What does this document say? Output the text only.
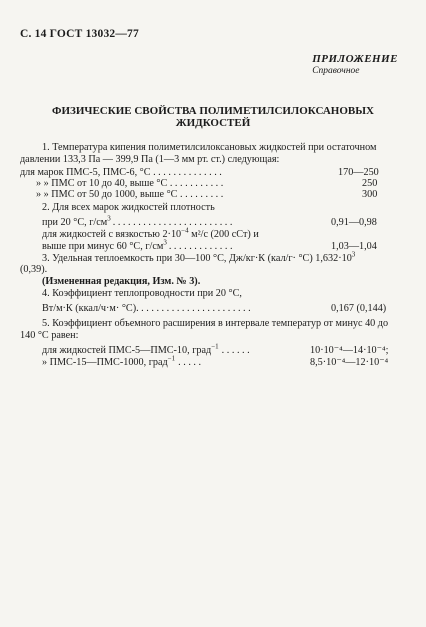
С. 14 ГОСТ 13032—77
ПРИЛОЖЕНИЕ
Справочное
ФИЗИЧЕСКИЕ СВОЙСТВА ПОЛИМЕТИЛСИЛОКСАНОВЫХ
ЖИДКОСТЕЙ
1. Температура кипения полиметилсилоксановых жидкостей при остаточном давлении 133,3 Па — 399,9 Па (1—3 мм рт. ст.) следующая:
для марок ПМС-5, ПМС-6, °С . . . . . . . . . . . . . .	170—250
» » ПМС от 10 до 40, выше °С . . . . . . . . . . .	250
» » ПМС от 50 до 1000, выше °С . . . . . . . . .	300
2. Для всех марок жидкостей плотность
при 20 °С, $г/см^3$ . . . . . . . . . . . . . . . . . . . . . . . .	0,91—0,98
для жидкостей с вязкостью $2\cdot 10^{-4}$ м²/с (200 сСт) и
выше при минус 60 °С, $г/см^3$ . . . . . . . . . . . . .	1,03—1,04
3. Удельная теплоемкость при 30—100 °С, Дж/кг·К (кал/г· °С) $1,632\cdot 10^3$
(0,39).
(Измененная редакция, Изм. № 3).
4. Коэффициент теплопроводности при 20 °С,
Вт/м·К (ккал/ч·м· °С). . . . . . . . . . . . . . . . . . . . . . .	0,167 (0,144)
5. Коэффициент объемного расширения в интервале температур от минус 40 до 140 °С равен:
для жидкостей ПМС-5—ПМС-10, град$^{-1}$ . . . . . .	10·10⁻⁴—14·10⁻⁴;
» ПМС-15—ПМС-1000, град$^{-1}$ . . . . .	8,5·10⁻⁴—12·10⁻⁴
